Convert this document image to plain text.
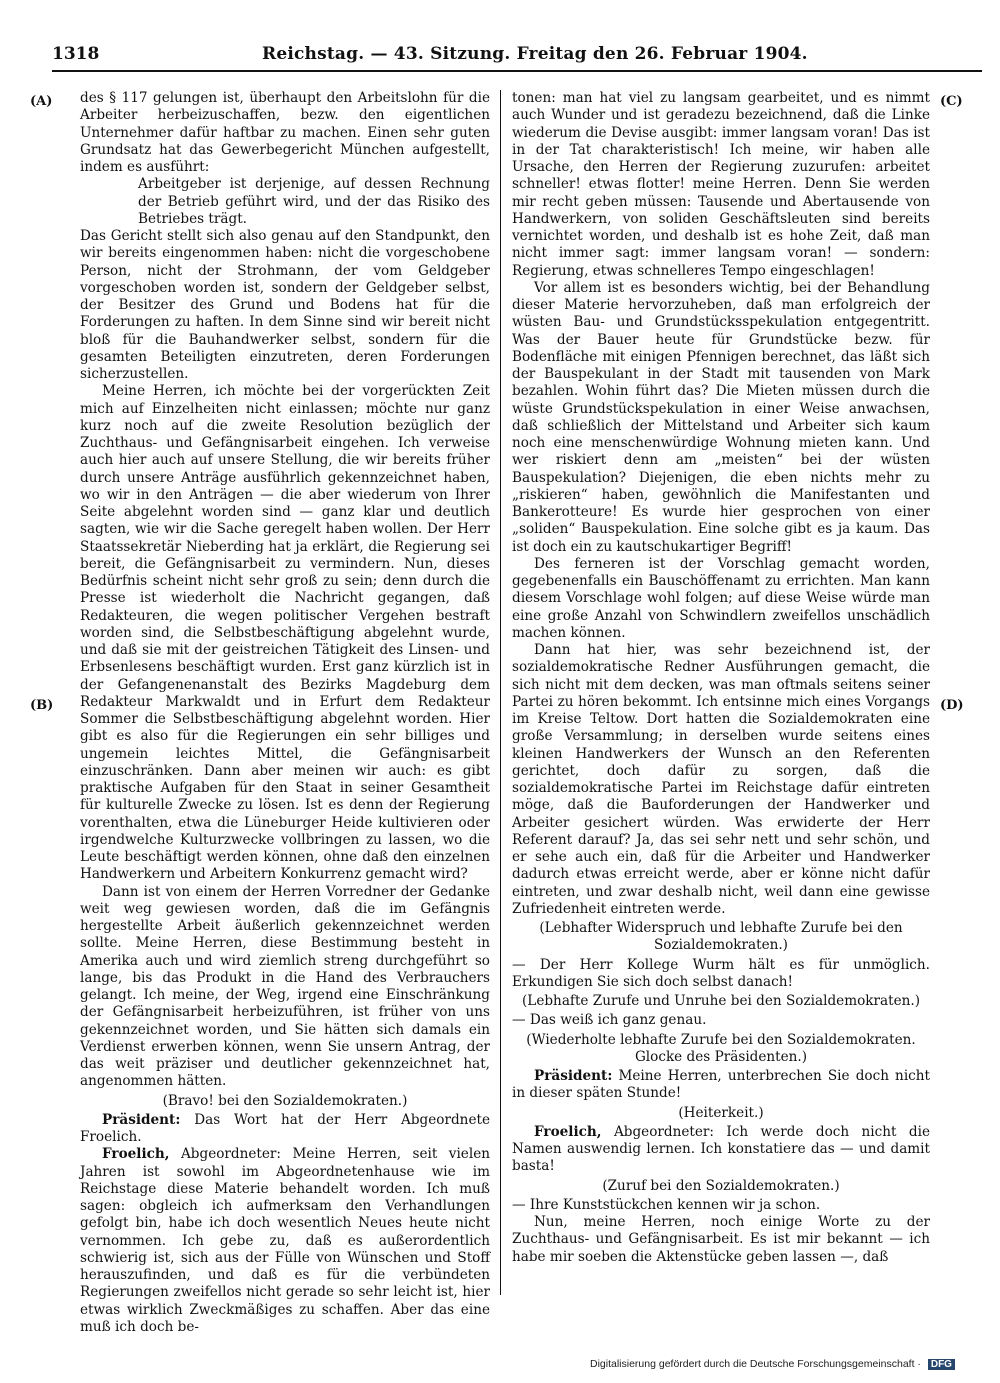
1318	Reichstag. — 43. Sitzung. Freitag den 26. Februar 1904.
(A)
(B)
(C)
(D)

des § 117 gelungen ist, überhaupt den Arbeitslohn für die Arbeiter herbeizuschaffen, bezw. den eigentlichen Unternehmer dafür haftbar zu machen. Einen sehr guten Grundsatz hat das Gewerbegericht München aufgestellt, indem es ausführt:

Arbeitgeber ist derjenige, auf dessen Rechnung der Betrieb geführt wird, und der das Risiko des Betriebes trägt.

Das Gericht stellt sich also genau auf den Standpunkt, den wir bereits eingenommen haben: nicht die vorgeschobene Person, nicht der Strohmann, der vom Geldgeber vorgeschoben worden ist, sondern der Geldgeber selbst, der Besitzer des Grund und Bodens hat für die Forderungen zu haften. In dem Sinne sind wir bereit nicht bloß für die Bauhandwerker selbst, sondern für die gesamten Beteiligten einzutreten, deren Forderungen sicherzustellen.

Meine Herren, ich möchte bei der vorgerückten Zeit mich auf Einzelheiten nicht einlassen; möchte nur ganz kurz noch auf die zweite Resolution bezüglich der Zuchthaus- und Gefängnisarbeit eingehen. Ich verweise auch hier auch auf unsere Stellung, die wir bereits früher durch unsere Anträge ausführlich gekennzeichnet haben, wo wir in den Anträgen — die aber wiederum von Ihrer Seite abgelehnt worden sind — ganz klar und deutlich sagten, wie wir die Sache geregelt haben wollen. Der Herr Staatssekretär Nieberding hat ja erklärt, die Regierung sei bereit, die Gefängnisarbeit zu vermindern. Nun, dieses Bedürfnis scheint nicht sehr groß zu sein; denn durch die Presse ist wiederholt die Nachricht gegangen, daß Redakteuren, die wegen politischer Vergehen bestraft worden sind, die Selbstbeschäftigung abgelehnt wurde, und daß sie mit der geistreichen Tätigkeit des Linsen- und Erbsenlesens beschäftigt wurden. Erst ganz kürzlich ist in der Gefangenenanstalt des Bezirks Magdeburg dem Redakteur Markwaldt und in Erfurt dem Redakteur Sommer die Selbstbeschäftigung abgelehnt worden. Hier gibt es also für die Regierungen ein sehr billiges und ungemein leichtes Mittel, die Gefängnisarbeit einzuschränken. Dann aber meinen wir auch: es gibt praktische Aufgaben für den Staat in seiner Gesamtheit für kulturelle Zwecke zu lösen. Ist es denn der Regierung vorenthalten, etwa die Lüneburger Heide kultivieren oder irgendwelche Kulturzwecke vollbringen zu lassen, wo die Leute beschäftigt werden können, ohne daß den einzelnen Handwerkern und Arbeitern Konkurrenz gemacht wird?

Dann ist von einem der Herren Vorredner der Gedanke weit weg gewiesen worden, daß die im Gefängnis hergestellte Arbeit äußerlich gekennzeichnet werden sollte. Meine Herren, diese Bestimmung besteht in Amerika auch und wird ziemlich streng durchgeführt so lange, bis das Produkt in die Hand des Verbrauchers gelangt. Ich meine, der Weg, irgend eine Einschränkung der Gefängnisarbeit herbeizuführen, ist früher von uns gekennzeichnet worden, und Sie hätten sich damals ein Verdienst erwerben können, wenn Sie unsern Antrag, der das weit präziser und deutlicher gekennzeichnet hat, angenommen hätten.

(Bravo! bei den Sozialdemokraten.)

Präsident: Das Wort hat der Herr Abgeordnete Froelich.

Froelich, Abgeordneter: Meine Herren, seit vielen Jahren ist sowohl im Abgeordnetenhause wie im Reichstage diese Materie behandelt worden. Ich muß sagen: obgleich ich aufmerksam den Verhandlungen gefolgt bin, habe ich doch wesentlich Neues heute nicht vernommen. Ich gebe zu, daß es außerordentlich schwierig ist, sich aus der Fülle von Wünschen und Stoff herauszufinden, und daß es für die verbündeten Regierungen zweifellos nicht gerade so sehr leicht ist, hier etwas wirklich Zweckmäßiges zu schaffen. Aber das eine muß ich doch be-

tonen: man hat viel zu langsam gearbeitet, und es nimmt auch Wunder und ist geradezu bezeichnend, daß die Linke wiederum die Devise ausgibt: immer langsam voran! Das ist in der Tat charakteristisch! Ich meine, wir haben alle Ursache, den Herren der Regierung zuzurufen: arbeitet schneller! etwas flotter! meine Herren. Denn Sie werden mir recht geben müssen: Tausende und Abertausende von Handwerkern, von soliden Geschäftsleuten sind bereits vernichtet worden, und deshalb ist es hohe Zeit, daß man nicht immer sagt: immer langsam voran! — sondern: Regierung, etwas schnelleres Tempo eingeschlagen!

Vor allem ist es besonders wichtig, bei der Behandlung dieser Materie hervorzuheben, daß man erfolgreich der wüsten Bau- und Grundstücksspekulation entgegentritt. Was der Bauer heute für Grundstücke bezw. für Bodenfläche mit einigen Pfennigen berechnet, das läßt sich der Bauspekulant in der Stadt mit tausenden von Mark bezahlen. Wohin führt das? Die Mieten müssen durch die wüste Grundstückspekulation in einer Weise anwachsen, daß schließlich der Mittelstand und Arbeiter sich kaum noch eine menschenwürdige Wohnung mieten kann. Und wer riskiert denn am „meisten“ bei der wüsten Bauspekulation? Diejenigen, die eben nichts mehr zu „riskieren“ haben, gewöhnlich die Manifestanten und Bankerotteure! Es wurde hier gesprochen von einer „soliden“ Bauspekulation. Eine solche gibt es ja kaum. Das ist doch ein zu kautschukartiger Begriff!

Des ferneren ist der Vorschlag gemacht worden, gegebenenfalls ein Bauschöffenamt zu errichten. Man kann diesem Vorschlage wohl folgen; auf diese Weise würde man eine große Anzahl von Schwindlern zweifellos unschädlich machen können.

Dann hat hier, was sehr bezeichnend ist, der sozialdemokratische Redner Ausführungen gemacht, die sich nicht mit dem decken, was man oftmals seitens seiner Partei zu hören bekommt. Ich entsinne mich eines Vorgangs im Kreise Teltow. Dort hatten die Sozialdemokraten eine große Versammlung; in derselben wurde seitens eines kleinen Handwerkers der Wunsch an den Referenten gerichtet, doch dafür zu sorgen, daß die sozialdemokratische Partei im Reichstage dafür eintreten möge, daß die Bauforderungen der Handwerker und Arbeiter gesichert würden. Was erwiderte der Herr Referent darauf? Ja, das sei sehr nett und sehr schön, und er sehe auch ein, daß für die Arbeiter und Handwerker dadurch etwas erreicht werde, aber er könne nicht dafür eintreten, und zwar deshalb nicht, weil dann eine gewisse Zufriedenheit eintreten werde.

(Lebhafter Widerspruch und lebhafte Zurufe bei den Sozialdemokraten.)

— Der Herr Kollege Wurm hält es für unmöglich. Erkundigen Sie sich doch selbst danach!

(Lebhafte Zurufe und Unruhe bei den Sozialdemokraten.)

— Das weiß ich ganz genau.

(Wiederholte lebhafte Zurufe bei den Sozialdemokraten. Glocke des Präsidenten.)

Präsident: Meine Herren, unterbrechen Sie doch nicht in dieser späten Stunde!

(Heiterkeit.)

Froelich, Abgeordneter: Ich werde doch nicht die Namen auswendig lernen. Ich konstatiere das — und damit basta!

(Zuruf bei den Sozialdemokraten.)

— Ihre Kunststückchen kennen wir ja schon.

Nun, meine Herren, noch einige Worte zu der Zuchthaus- und Gefängnisarbeit. Es ist mir bekannt — ich habe mir soeben die Aktenstücke geben lassen —, daß

Digitalisierung gefördert durch die Deutsche Forschungsgemeinschaft · DFG
